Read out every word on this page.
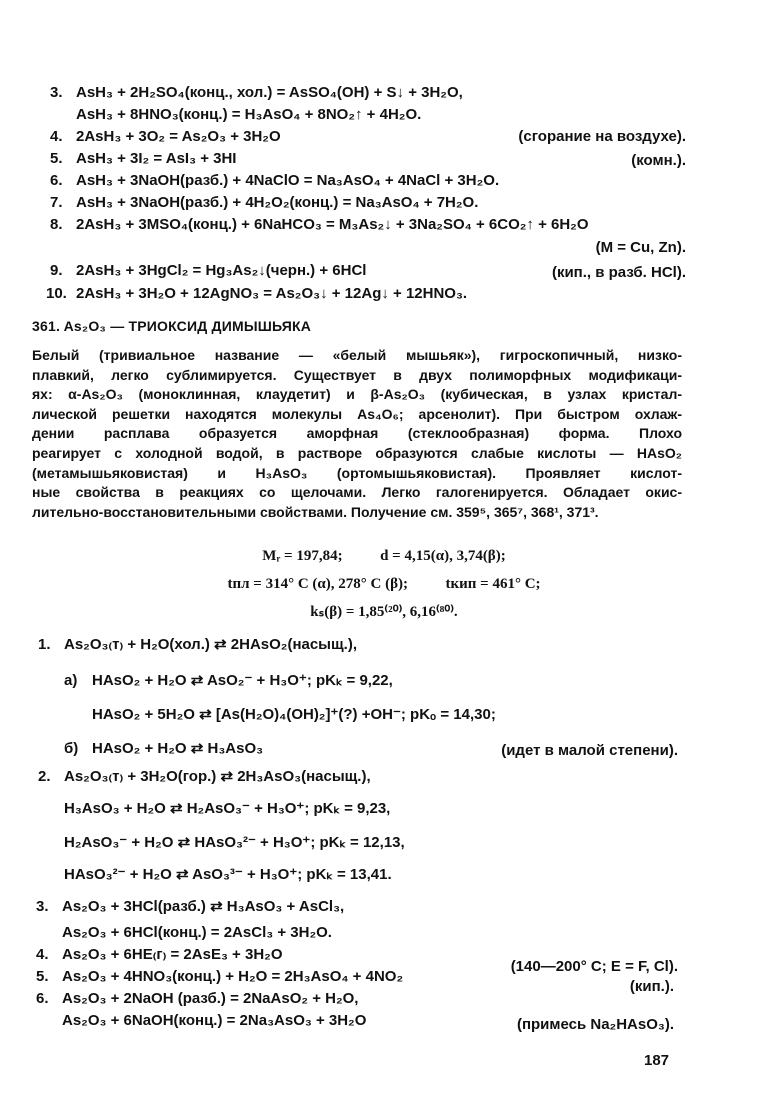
3. AsH₃ + 2H₂SO₄(конц., хол.) = AsSO₄(OH) + S↓ + 3H₂O,
AsH₃ + 8HNO₃(конц.) = H₃AsO₄ + 8NO₂↑ + 4H₂O.
4. 2AsH₃ + 3O₂ = As₂O₃ + 3H₂O	(сгорание на воздухе).
5. AsH₃ + 3I₂ = AsI₃ + 3HI	(комн.).
6. AsH₃ + 3NaOH(разб.) + 4NaClO = Na₃AsO₄ + 4NaCl + 3H₂O.
7. AsH₃ + 3NaOH(разб.) + 4H₂O₂(конц.) = Na₃AsO₄ + 7H₂O.
8. 2AsH₃ + 3MSO₄(конц.) + 6NaHCO₃ = M₃As₂↓ + 3Na₂SO₄ + 6CO₂↑ + 6H₂O
(M = Cu, Zn).
9. 2AsH₃ + 3HgCl₂ = Hg₃As₂↓(черн.) + 6HCl	(кип., в разб. HCl).
10. 2AsH₃ + 3H₂O + 12AgNO₃ = As₂O₃↓ + 12Ag↓ + 12HNO₃.
361. As₂O₃ — ТРИОКСИД ДИМЫШЬЯКА
Белый (тривиальное название — «белый мышьяк»), гигроскопичный, низко-
плавкий, легко сублимируется. Существует в двух полиморфных модификаци-
ях: α-As₂O₃ (моноклинная, клаудетит) и β-As₂O₃ (кубическая, в узлах кристал-
лической решетки находятся молекулы As₄O₆; арсенолит). При быстром охлаж-
дении расплава образуется аморфная (стеклообразная) форма. Плохо
реагирует с холодной водой, в растворе образуются слабые кислоты — HAsO₂
(метамышьяковистая) и H₃AsO₃ (ортомышьяковистая). Проявляет кислот-
ные свойства в реакциях со щелочами. Легко галогенируется. Обладает окис-
лительно-восстановительными свойствами. Получение см. 359⁵, 365⁷, 368¹, 371³.
Mᵣ = 197,84;          d = 4,15(α), 3,74(β);
tпл = 314° C (α), 278° C (β);          tкип = 461° C;
kₛ(β) = 1,85⁽²⁰⁾, 6,16⁽⁸⁰⁾.
1. As₂O₃₍т₎ + H₂O(хол.) ⇄ 2HAsO₂(насыщ.),
а) HAsO₂ + H₂O ⇄ AsO₂⁻ + H₃O⁺; pKₖ = 9,22,
HAsO₂ + 5H₂O ⇄ [As(H₂O)₄(OH)₂]⁺(?) +OH⁻; pKₒ = 14,30;
б) HAsO₂ + H₂O ⇄ H₃AsO₃	(идет в малой степени).
2. As₂O₃₍т₎ + 3H₂O(гор.) ⇄ 2H₃AsO₃(насыщ.),
H₃AsO₃ + H₂O ⇄ H₂AsO₃⁻ + H₃O⁺; pKₖ = 9,23,
H₂AsO₃⁻ + H₂O ⇄ HAsO₃²⁻ + H₃O⁺; pKₖ = 12,13,
HAsO₃²⁻ + H₂O ⇄ AsO₃³⁻ + H₃O⁺; pKₖ = 13,41.
3. As₂O₃ + 3HCl(разб.) ⇄ H₃AsO₃ + AsCl₃,
As₂O₃ + 6HCl(конц.) = 2AsCl₃ + 3H₂O.
4. As₂O₃ + 6HE₍г₎ = 2AsE₃ + 3H₂O
(140—200° C; E = F, Cl).
5. As₂O₃ + 4HNO₃(конц.) + H₂O = 2H₃AsO₄ + 4NO₂
(кип.).
6. As₂O₃ + 2NaOH (разб.) = 2NaAsO₂ + H₂O,
As₂O₃ + 6NaOH(конц.) = 2Na₃AsO₃ + 3H₂O	(примесь Na₂HAsO₃).
187
